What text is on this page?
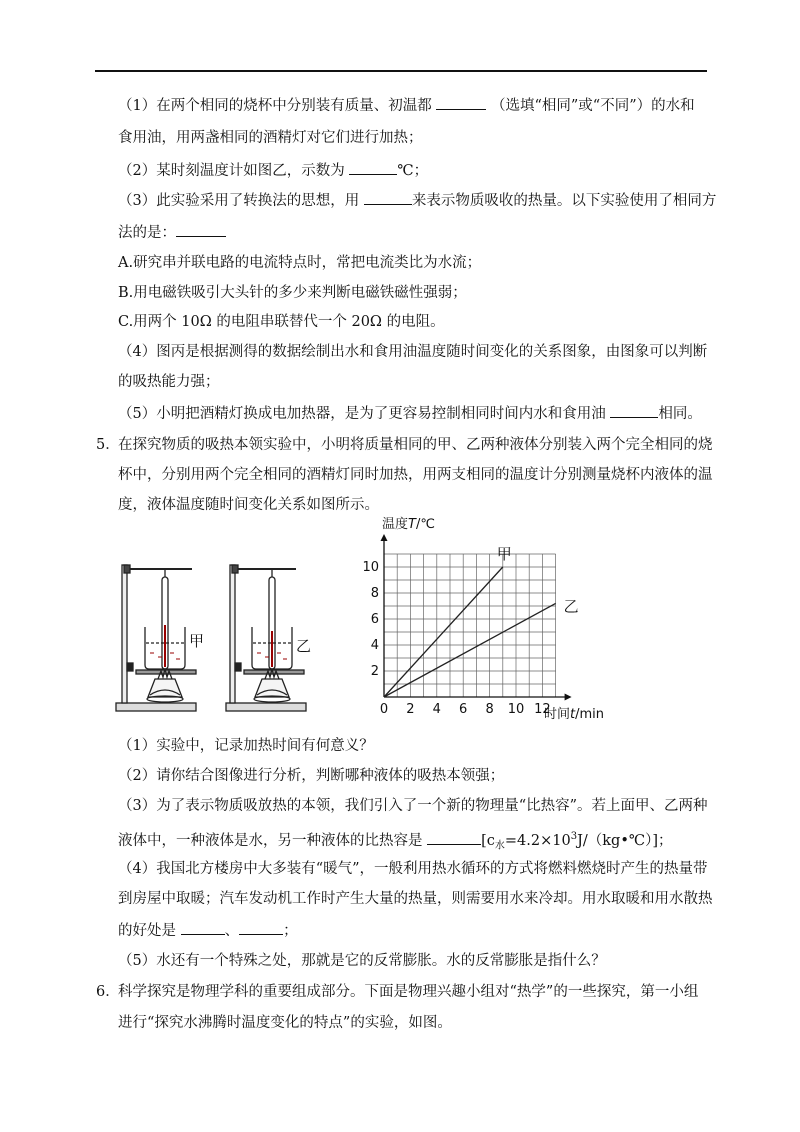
（1）在两个相同的烧杯中分别装有质量、初温都	（选填“相同”或“不同”）的水和
食用油，用两盏相同的酒精灯对它们进行加热；
（2）某时刻温度计如图乙，示数为	℃；
（3）此实验采用了转换法的思想，用	来表示物质吸收的热量。以下实验使用了相同方
法的是：
A.研究串并联电路的电流特点时，常把电流类比为水流；
B.用电磁铁吸引大头针的多少来判断电磁铁磁性强弱；
C.用两个 10Ω 的电阻串联替代一个 20Ω 的电阻。
（4）图丙是根据测得的数据绘制出水和食用油温度随时间变化的关系图象，由图象可以判断
的吸热能力强；
（5）小明把酒精灯换成电加热器，是为了更容易控制相同时间内水和食用油	相同。
5．
在探究物质的吸热本领实验中，小明将质量相同的甲、乙两种液体分别装入两个完全相同的烧
杯中，分别用两个完全相同的酒精灯同时加热，用两支相同的温度计分别测量烧杯内液体的温
度，液体温度随时间变化关系如图所示。
甲	乙
甲
乙
0 2 4 6 8 10 12
2
4
6
8
10
温度T/℃
时间t/min
（1）实验中，记录加热时间有何意义？
（2）请你结合图像进行分析，判断哪种液体的吸热本领强；
（3）为了表示物质吸放热的本领，我们引入了一个新的物理量“比热容”。若上面甲、乙两种
液体中，一种液体是水，另一种液体的比热容是	$[c_水=4.2\times 10^3J/(kg•℃)]$；
（4）我国北方楼房中大多装有“暖气”，一般利用热水循环的方式将燃料燃烧时产生的热量带
到房屋中取暖；汽车发动机工作时产生大量的热量，则需要用水来冷却。用水取暖和用水散热
的好处是	、	；
（5）水还有一个特殊之处，那就是它的反常膨胀。水的反常膨胀是指什么？
6．
科学探究是物理学科的重要组成部分。下面是物理兴趣小组对“热学”的一些探究，第一小组
进行“探究水沸腾时温度变化的特点”的实验，如图。
